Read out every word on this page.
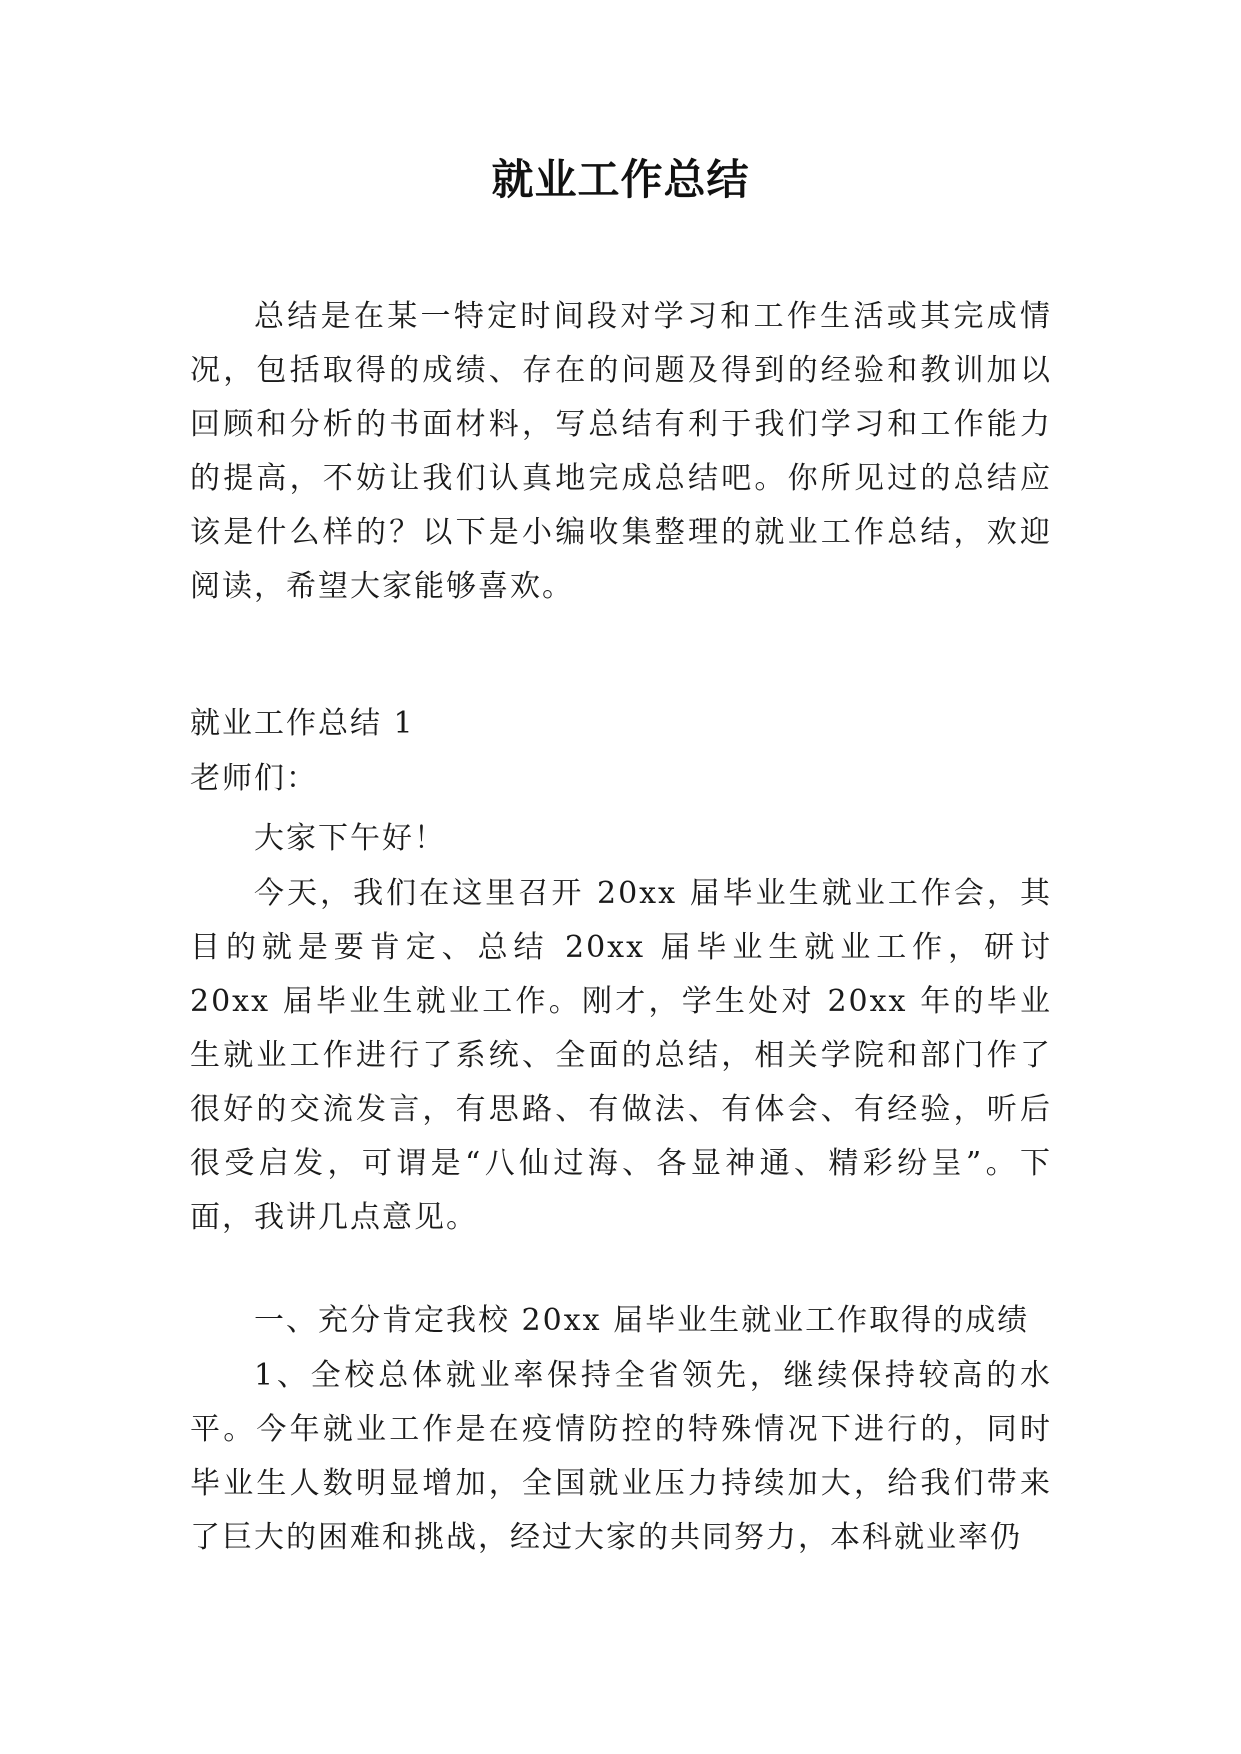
就业工作总结

总结是在某一特定时间段对学习和工作生活或其完成情况，包括取得的成绩、存在的问题及得到的经验和教训加以回顾和分析的书面材料，写总结有利于我们学习和工作能力的提高，不妨让我们认真地完成总结吧。你所见过的总结应该是什么样的？以下是小编收集整理的就业工作总结，欢迎阅读，希望大家能够喜欢。

就业工作总结 1

老师们：

大家下午好！

今天，我们在这里召开 20xx 届毕业生就业工作会，其目的就是要肯定、总结 20xx 届毕业生就业工作，研讨 20xx 届毕业生就业工作。刚才，学生处对 20xx 年的毕业生就业工作进行了系统、全面的总结，相关学院和部门作了很好的交流发言，有思路、有做法、有体会、有经验，听后很受启发，可谓是“八仙过海、各显神通、精彩纷呈”。下面，我讲几点意见。

一、充分肯定我校 20xx 届毕业生就业工作取得的成绩

1、全校总体就业率保持全省领先，继续保持较高的水平。今年就业工作是在疫情防控的特殊情况下进行的，同时毕业生人数明显增加，全国就业压力持续加大，给我们带来了巨大的困难和挑战，经过大家的共同努力，本科就业率仍
